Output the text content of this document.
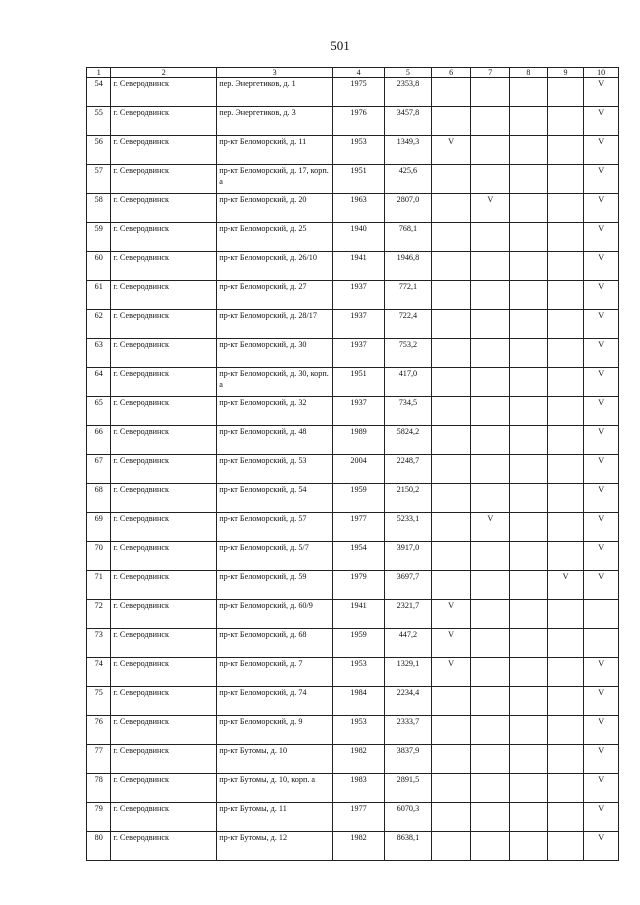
501
1	2	3	4	5	6	7	8	9	10
54	г. Северодвинск	пер. Энергетиков, д. 1	1975	2353,8					V
55	г. Северодвинск	пер. Энергетиков, д. 3	1976	3457,8					V
56	г. Северодвинск	пр-кт Беломорский, д. 11	1953	1349,3	V				V
57	г. Северодвинск	пр-кт Беломорский, д. 17, корп. а	1951	425,6					V
58	г. Северодвинск	пр-кт Беломорский, д. 20	1963	2807,0		V			V
59	г. Северодвинск	пр-кт Беломорский, д. 25	1940	768,1					V
60	г. Северодвинск	пр-кт Беломорский, д. 26/10	1941	1946,8					V
61	г. Северодвинск	пр-кт Беломорский, д. 27	1937	772,1					V
62	г. Северодвинск	пр-кт Беломорский, д. 28/17	1937	722,4					V
63	г. Северодвинск	пр-кт Беломорский, д. 30	1937	753,2					V
64	г. Северодвинск	пр-кт Беломорский, д. 30, корп. а	1951	417,0					V
65	г. Северодвинск	пр-кт Беломорский, д. 32	1937	734,5					V
66	г. Северодвинск	пр-кт Беломорский, д. 48	1989	5824,2					V
67	г. Северодвинск	пр-кт Беломорский, д. 53	2004	2248,7					V
68	г. Северодвинск	пр-кт Беломорский, д. 54	1959	2150,2					V
69	г. Северодвинск	пр-кт Беломорский, д. 57	1977	5233,1		V			V
70	г. Северодвинск	пр-кт Беломорский, д. 5/7	1954	3917,0					V
71	г. Северодвинск	пр-кт Беломорский, д. 59	1979	3697,7				V	V
72	г. Северодвинск	пр-кт Беломорский, д. 60/9	1941	2321,7	V				
73	г. Северодвинск	пр-кт Беломорский, д. 68	1959	447,2	V				
74	г. Северодвинск	пр-кт Беломорский, д. 7	1953	1329,1	V				V
75	г. Северодвинск	пр-кт Беломорский, д. 74	1984	2234,4					V
76	г. Северодвинск	пр-кт Беломорский, д. 9	1953	2333,7					V
77	г. Северодвинск	пр-кт Бутомы, д. 10	1982	3837,9					V
78	г. Северодвинск	пр-кт Бутомы, д. 10, корп. а	1983	2891,5					V
79	г. Северодвинск	пр-кт Бутомы, д. 11	1977	6070,3					V
80	г. Северодвинск	пр-кт Бутомы, д. 12	1982	8638,1					V
